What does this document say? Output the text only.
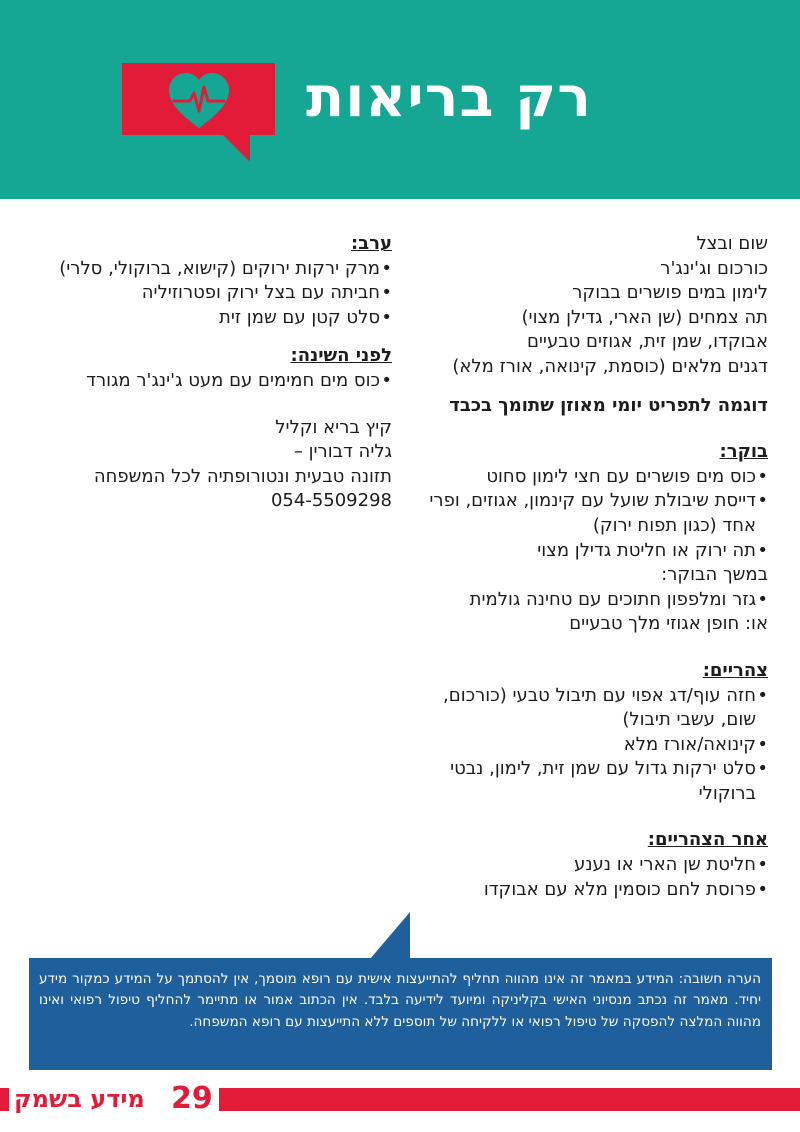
רק בריאות
שום ובצל
כורכום וג'ינג'ר
לימון במים פושרים בבוקר
תה צמחים (שן הארי, גדילן מצוי)
אבוקדו, שמן זית, אגוזים טבעיים
דגנים מלאים (כוסמת, קינואה, אורז מלא)
דוגמה לתפריט יומי מאוזן שתומך בכבד
בוקר:
•
כוס מים פושרים עם חצי לימון סחוט
•
דייסת שיבולת שועל עם קינמון, אגוזים, ופרי אחד (כגון תפוח ירוק)
•
תה ירוק או חליטת גדילן מצוי
במשך הבוקר:
•
גזר ומלפפון חתוכים עם טחינה גולמית
או: חופן אגוזי מלך טבעיים
צהריים:
•
חזה עוף/דג אפוי עם תיבול טבעי (כורכום, שום, עשבי תיבול)
•
קינואה/אורז מלא
•
סלט ירקות גדול עם שמן זית, לימון, נבטי ברוקולי
אחר הצהריים:
•
חליטת שן הארי או נענע
•
פרוסת לחם כוסמין מלא עם אבוקדו
ערב:
•
מרק ירקות ירוקים (קישוא, ברוקולי, סלרי)
•
חביתה עם בצל ירוק ופטרוזיליה
•
סלט קטן עם שמן זית
לפני השינה:
•
כוס מים חמימים עם מעט ג'ינג'ר מגורד
קיץ בריא וקליל
גליה דבורין –
תזונה טבעית ונטורופתיה לכל המשפחה
054-5509298
הערה חשובה: המידע במאמר זה אינו מהווה תחליף להתייעצות אישית עם רופא מוסמך, אין להסתמך על המידע כמקור מידע יחיד. מאמר זה נכתב מנסיוני האישי בקליניקה ומיועד לידיעה בלבד. אין הכתוב אמור או מתיימר להחליף טיפול רפואי ואינו מהווה המלצה להפסקה של טיפול רפואי או ללקיחה של תוספים ללא התייעצות עם רופא המשפחה.
מידע בשמק 29
